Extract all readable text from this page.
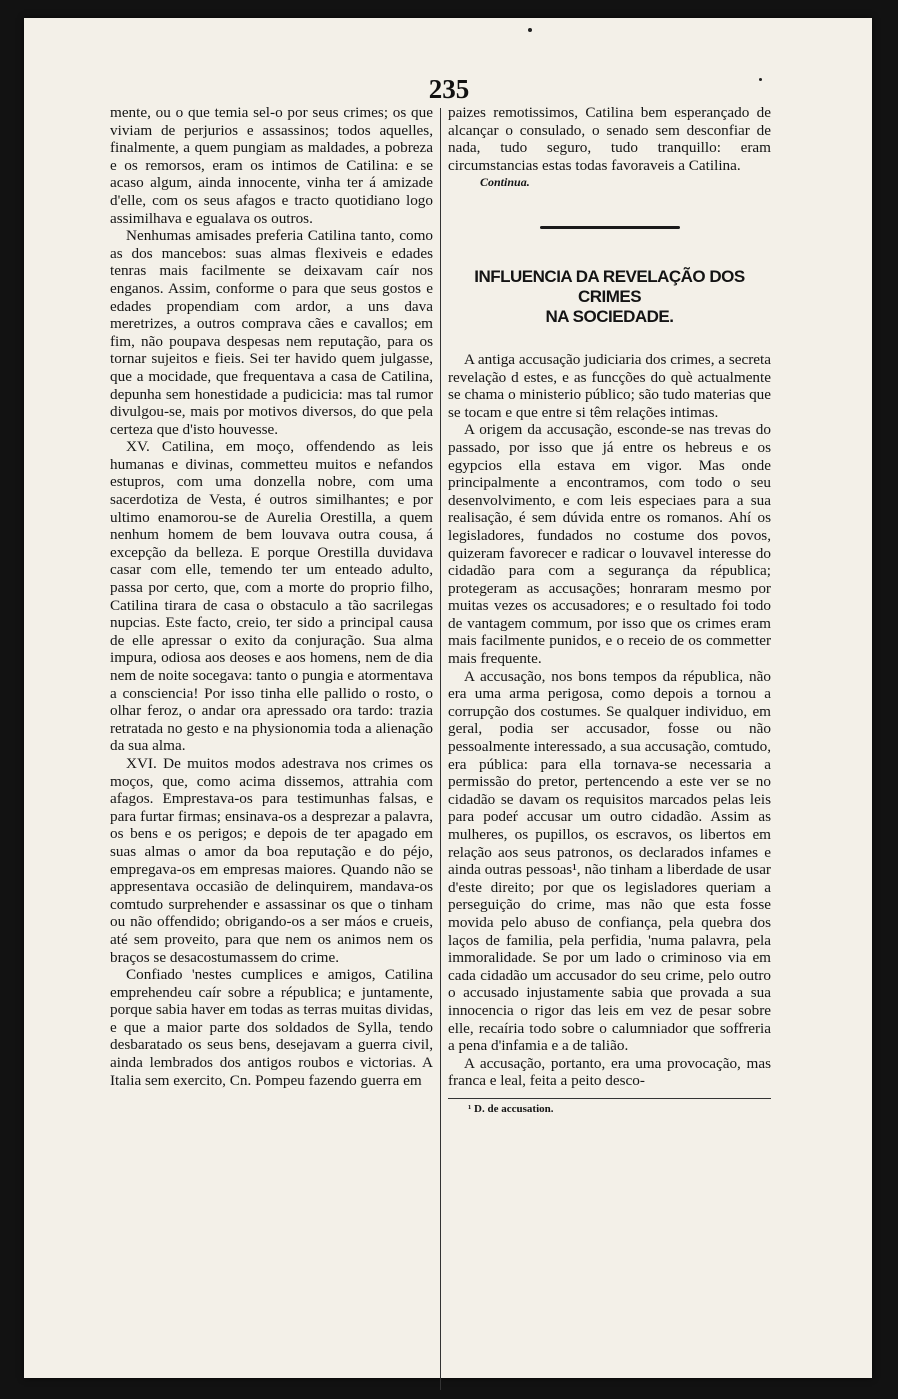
235

mente, ou o que temia sel-o por seus crimes; os que viviam de perjurios e assassinos; todos aquelles, finalmente, a quem pungiam as maldades, a pobreza e os remorsos, eram os intimos de Catilina: e se acaso algum, ainda innocente, vinha ter á amizade d'elle, com os seus afagos e tracto quotidiano logo assimilhava e egualava os outros.

Nenhumas amisades preferia Catilina tanto, como as dos mancebos: suas almas flexiveis e edades tenras mais facilmente se deixavam caír nos enganos. Assim, conforme o para que seus gostos e edades propendiam com ardor, a uns dava meretrizes, a outros comprava cães e cavallos; em fim, não poupava despesas nem reputação, para os tornar sujeitos e fieis. Sei ter havido quem julgasse, que a mocidade, que frequentava a casa de Catilina, depunha sem honestidade a pudicicia: mas tal rumor divulgou-se, mais por motivos diversos, do que pela certeza que d'isto houvesse.

XV. Catilina, em moço, offendendo as leis humanas e divinas, commetteu muitos e nefandos estupros, com uma donzella nobre, com uma sacerdotiza de Vesta, é outros similhantes; e por ultimo enamorou-se de Aurelia Orestilla, a quem nenhum homem de bem louvava outra cousa, á excepção da belleza. E porque Orestilla duvidava casar com elle, temendo ter um enteado adulto, passa por certo, que, com a morte do proprio filho, Catilina tirara de casa o obstaculo a tão sacrilegas nupcias. Este facto, creio, ter sido a principal causa de elle apressar o exito da conjuração. Sua alma impura, odiosa aos deoses e aos homens, nem de dia nem de noite socegava: tanto o pungia e atormentava a consciencia! Por isso tinha elle pallido o rosto, o olhar feroz, o andar ora apressado ora tardo: trazia retratada no gesto e na physionomia toda a alienação da sua alma.

XVI. De muitos modos adestrava nos crimes os moços, que, como acima dissemos, attrahia com afagos. Emprestava-os para testimunhas falsas, e para furtar firmas; ensinava-os a desprezar a palavra, os bens e os perigos; e depois de ter apagado em suas almas o amor da boa reputação e do péjo, empregava-os em empresas maiores. Quando não se appresentava occasião de delinquirem, mandava-os comtudo surprehender e assassinar os que o tinham ou não offendido; obrigando-os a ser máos e crueis, até sem proveito, para que nem os animos nem os braços se desacostumassem do crime.

Confiado 'nestes cumplices e amigos, Catilina emprehendeu caír sobre a républica; e juntamente, porque sabia haver em todas as terras muitas dividas, e que a maior parte dos soldados de Sylla, tendo desbaratado os seus bens, desejavam a guerra civil, ainda lembrados dos antigos roubos e victorias. A Italia sem exercito, Cn. Pompeu fazendo guerra em

paizes remotissimos, Catilina bem esperançado de alcançar o consulado, o senado sem desconfiar de nada, tudo seguro, tudo tranquillo: eram circumstancias estas todas favoraveis a Catilina.

Continua.

INFLUENCIA DA REVELAÇÃO DOS CRIMES
NA SOCIEDADE.

A antiga accusação judiciaria dos crimes, a secreta revelação d estes, e as funcções do què actualmente se chama o ministerio público; são tudo materias que se tocam e que entre si têm relações intimas.

A origem da accusação, esconde-se nas trevas do passado, por isso que já entre os hebreus e os egypcios ella estava em vigor. Mas onde principalmente a encontramos, com todo o seu desenvolvimento, e com leis especiaes para a sua realisação, é sem dúvida entre os romanos. Ahí os legisladores, fundados no costume dos povos, quizeram favorecer e radicar o louvavel interesse do cidadão para com a segurança da républica; protegeram as accusações; honraram mesmo por muitas vezes os accusadores; e o resultado foi todo de vantagem commum, por isso que os crimes eram mais facilmente punidos, e o receio de os commetter mais frequente.

A accusação, nos bons tempos da républica, não era uma arma perigosa, como depois a tornou a corrupção dos costumes. Se qualquer individuo, em geral, podia ser accusador, fosse ou não pessoalmente interessado, a sua accusação, comtudo, era pública: para ella tornava-se necessaria a permissão do pretor, pertencendo a este ver se no cidadão se davam os requisitos marcados pelas leis para podeŕ accusar um outro cidadão. Assim as mulheres, os pupillos, os escravos, os libertos em relação aos seus patronos, os declarados infames e ainda outras pessoas¹, não tinham a liberdade de usar d'este direito; por que os legisladores queriam a perseguição do crime, mas não que esta fosse movida pelo abuso de confiança, pela quebra dos laços de familia, pela perfidia, 'numa palavra, pela immoralidade. Se por um lado o criminoso via em cada cidadão um accusador do seu crime, pelo outro o accusado injustamente sabia que provada a sua innocencia o rigor das leis em vez de pesar sobre elle, recaíria todo sobre o calumniador que soffreria a pena d'infamia e a de talião.

A accusação, portanto, era uma provocação, mas franca e leal, feita a peito desco-

¹ D. de accusation.
